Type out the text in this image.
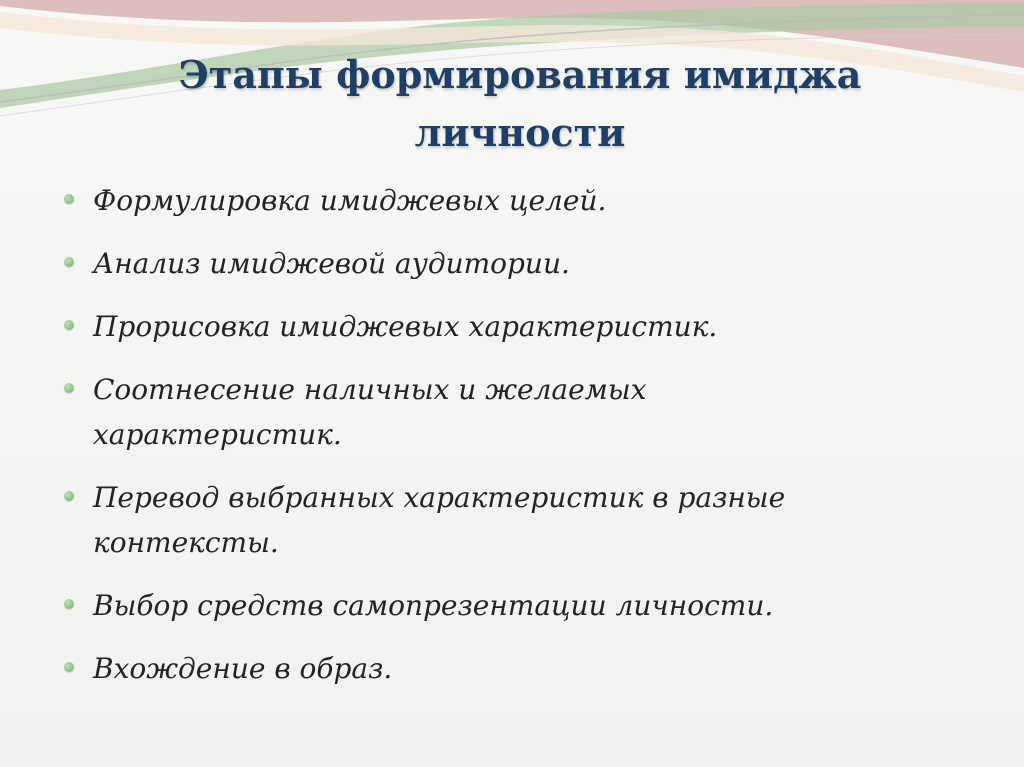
Этапы формирования имиджа
личности
Формулировка имиджевых целей.
Анализ имиджевой аудитории.
Прорисовка имиджевых характеристик.
Соотнесение наличных и желаемых
характеристик.
Перевод выбранных характеристик в разные
контексты.
Выбор средств самопрезентации личности.
Вхождение в образ.
